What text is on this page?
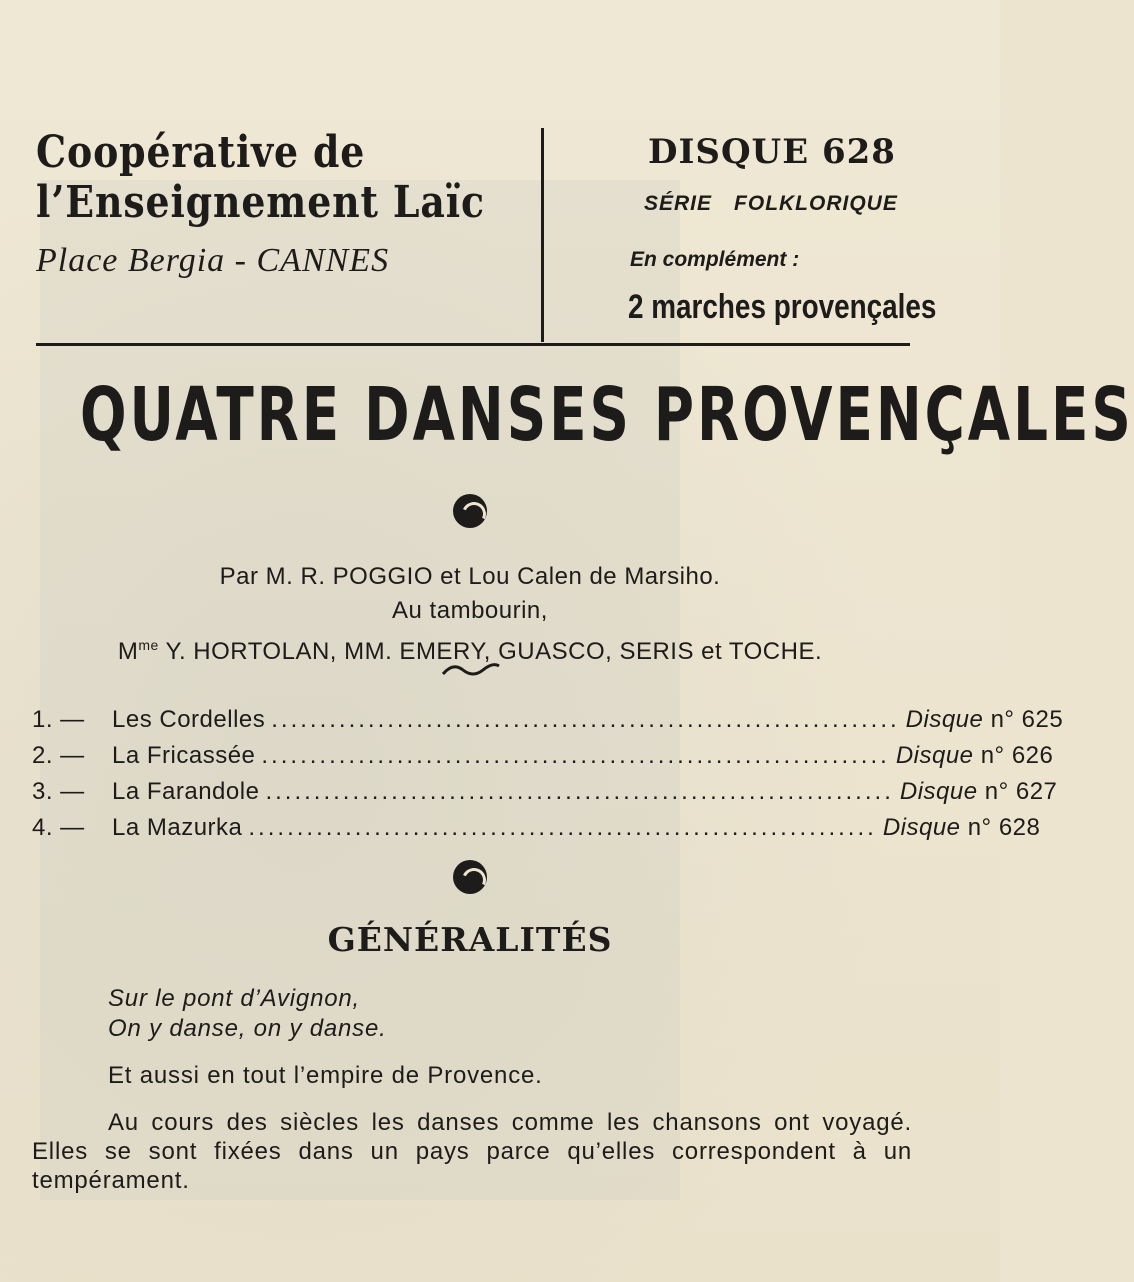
Coopérative de
l’Enseignement Laïc
Place Bergia - CANNES
DISQUE 628
SÉRIE FOLKLORIQUE
En complément :
2 marches provençales
QUATRE DANSES PROVENÇALES
Par M. R. POGGIO et Lou Calen de Marsiho.
Au tambourin,
$M^{me}$ Y. HORTOLAN, MM. EMERY, GUASCO, SERIS et TOCHE.
1. —	Les Cordelles ................................................................. Disque n° 625
2. —	La Fricassée ................................................................. Disque n° 626
3. —	La Farandole ................................................................. Disque n° 627
4. —	La Mazurka ................................................................. Disque n° 628
GÉNÉRALITÉS
Sur le pont d’Avignon,
On y danse, on y danse.
Et aussi en tout l’empire de Provence.
Au cours des siècles les danses comme les chansons ont voyagé. Elles se sont fixées dans un pays parce qu’elles correspondent à un tempérament.
